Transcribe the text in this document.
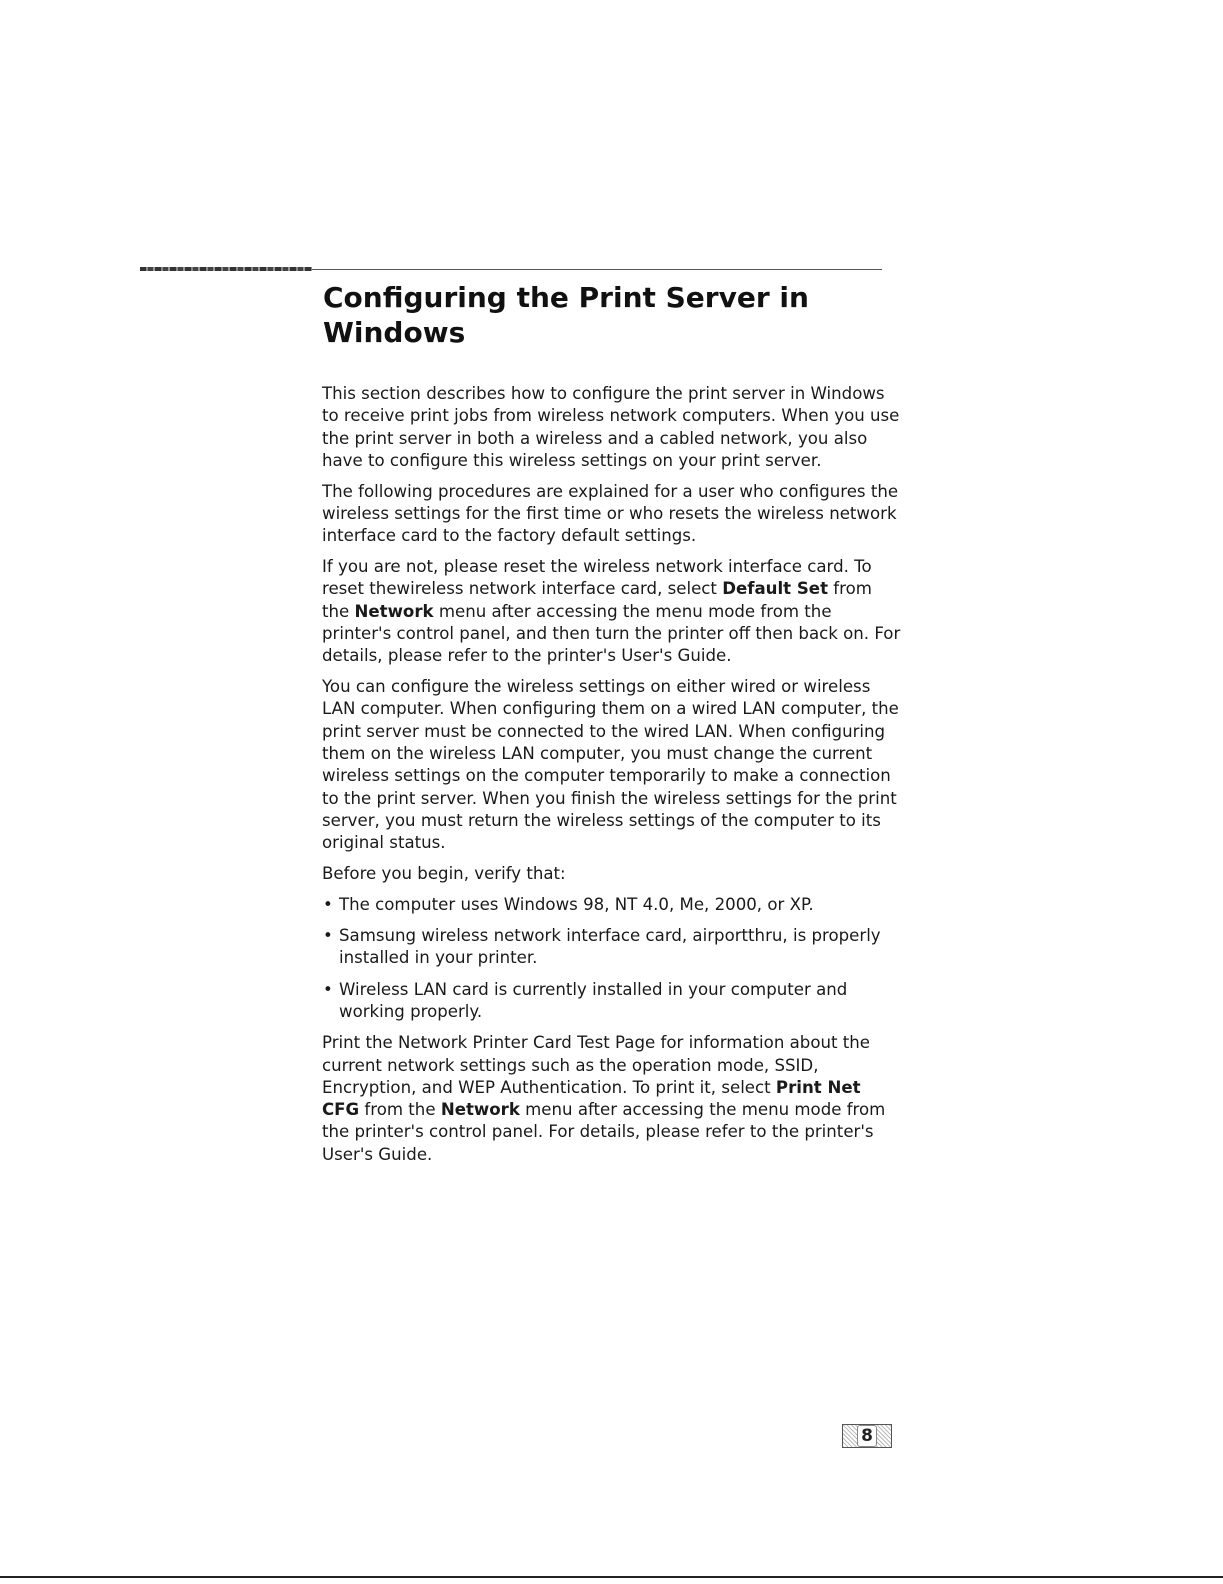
Configuring the Print Server in Windows

This section describes how to configure the print server in Windows to receive print jobs from wireless network computers. When you use the print server in both a wireless and a cabled network, you also have to configure this wireless settings on your print server.

The following procedures are explained for a user who configures the wireless settings for the first time or who resets the wireless network interface card to the factory default settings.

If you are not, please reset the wireless network interface card. To reset thewireless network interface card, select Default Set from the Network menu after accessing the menu mode from the printer's control panel, and then turn the printer off then back on. For details, please refer to the printer's User's Guide.

You can configure the wireless settings on either wired or wireless LAN computer. When configuring them on a wired LAN computer, the print server must be connected to the wired LAN. When configuring them on the wireless LAN computer, you must change the current wireless settings on the computer temporarily to make a connection to the print server. When you finish the wireless settings for the print server, you must return the wireless settings of the computer to its original status.

Before you begin, verify that:

• The computer uses Windows 98, NT 4.0, Me, 2000, or XP.
• Samsung wireless network interface card, airportthru, is properly installed in your printer.
• Wireless LAN card is currently installed in your computer and working properly.

Print the Network Printer Card Test Page for information about the current network settings such as the operation mode, SSID, Encryption, and WEP Authentication. To print it, select Print Net CFG from the Network menu after accessing the menu mode from the printer's control panel. For details, please refer to the printer's User's Guide.

8
